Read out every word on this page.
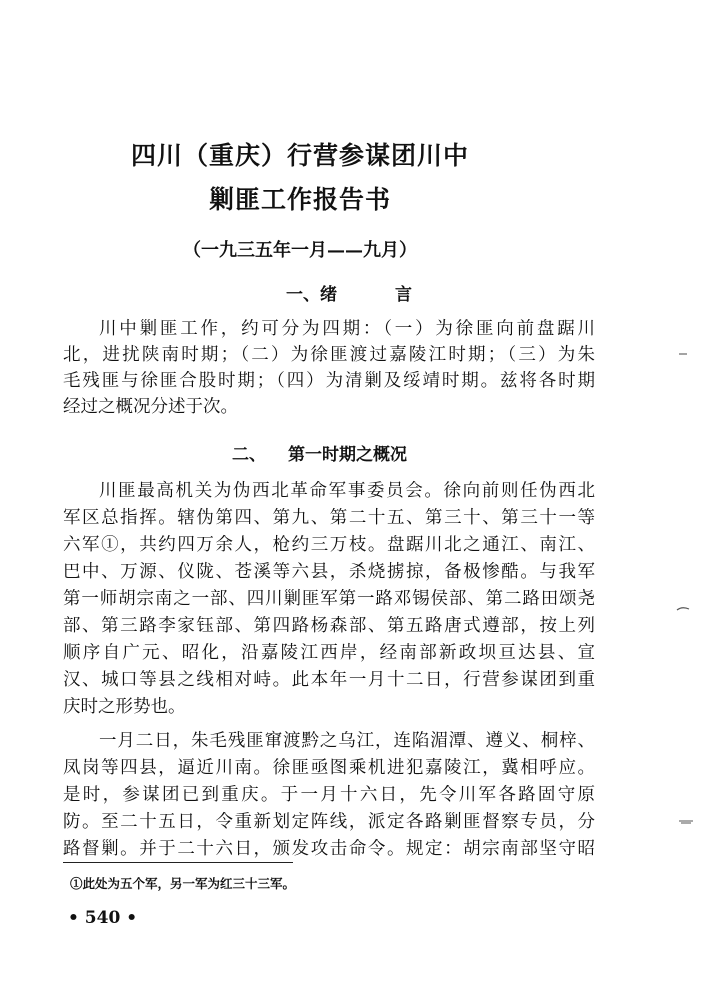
四川（重庆）行营参谋团川中
剿匪工作报告书
（一九三五年一月——九月）
一、绪	言
川中剿匪工作，约可分为四期：（一）为徐匪向前盘踞川
北，进扰陕南时期；（二）为徐匪渡过嘉陵江时期；（三）为朱
毛残匪与徐匪合股时期；（四）为清剿及绥靖时期。兹将各时期
经过之概况分述于次。
二、 第一时期之概况
川匪最高机关为伪西北革命军事委员会。徐向前则任伪西北
军区总指挥。辖伪第四、第九、第二十五、第三十、第三十一等
六军①，共约四万余人，枪约三万枝。盘踞川北之通江、南江、
巴中、万源、仪陇、苍溪等六县，杀烧掳掠，备极惨酷。与我军
第一师胡宗南之一部、四川剿匪军第一路邓锡侯部、第二路田颂尧
部、第三路李家钰部、第四路杨森部、第五路唐式遵部，按上列
顺序自广元、昭化，沿嘉陵江西岸，经南部新政坝亘达县、宣
汉、城口等县之线相对峙。此本年一月十二日，行营参谋团到重
庆时之形势也。
一月二日，朱毛残匪窜渡黔之乌江，连陷湄潭、遵义、桐梓、
凤岗等四县，逼近川南。徐匪亟图乘机进犯嘉陵江，冀相呼应。
是时，参谋团已到重庆。于一月十六日，先令川军各路固守原
防。至二十五日，令重新划定阵线，派定各路剿匪督察专员，分
路督剿。并于二十六日，颁发攻击命令。规定：胡宗南部坚守昭
①此处为五个军，另一军为红三十三军。
• 540 •
